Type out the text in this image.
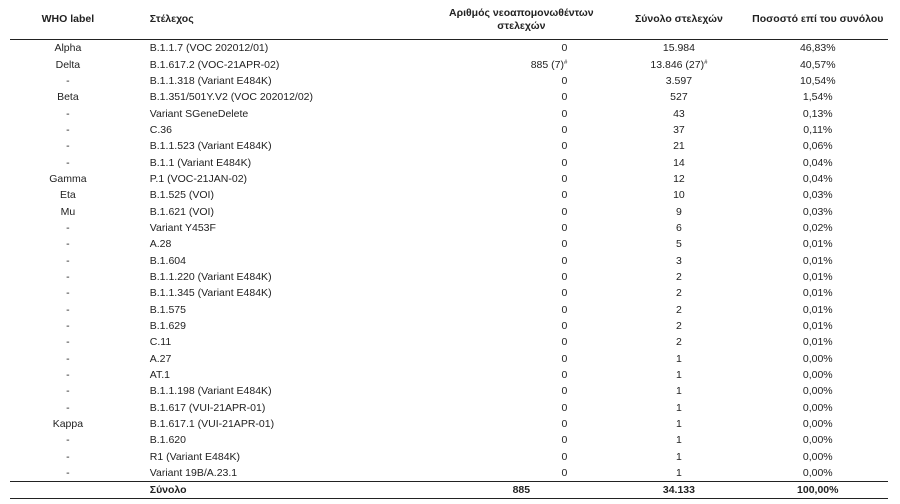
WHO label	Στέλεχος	Αριθμός νεοαπομονωθέντων στελεχών	Σύνολο στελεχών	Ποσοστό επί του συνόλου
Alpha	B.1.1.7 (VOC 202012/01)	0	15.984	46,83%
Delta	B.1.617.2 (VOC-21APR-02)	885 (7)#	13.846 (27)#	40,57%
-	B.1.1.318 (Variant E484K)	0	3.597	10,54%
Beta	B.1.351/501Y.V2 (VOC 202012/02)	0	527	1,54%
-	Variant SGeneDelete	0	43	0,13%
-	C.36	0	37	0,11%
-	B.1.1.523 (Variant E484K)	0	21	0,06%
-	B.1.1 (Variant E484K)	0	14	0,04%
Gamma	P.1 (VOC-21JAN-02)	0	12	0,04%
Eta	B.1.525 (VOI)	0	10	0,03%
Mu	B.1.621 (VOI)	0	9	0,03%
-	Variant Y453F	0	6	0,02%
-	A.28	0	5	0,01%
-	B.1.604	0	3	0,01%
-	B.1.1.220 (Variant E484K)	0	2	0,01%
-	B.1.1.345 (Variant E484K)	0	2	0,01%
-	B.1.575	0	2	0,01%
-	B.1.629	0	2	0,01%
-	C.11	0	2	0,01%
-	A.27	0	1	0,00%
-	AT.1	0	1	0,00%
-	B.1.1.198 (Variant E484K)	0	1	0,00%
-	B.1.617 (VUI-21APR-01)	0	1	0,00%
Kappa	B.1.617.1 (VUI-21APR-01)	0	1	0,00%
-	B.1.620	0	1	0,00%
-	R1 (Variant E484K)	0	1	0,00%
-	Variant 19B/A.23.1	0	1	0,00%
	Σύνολο	885	34.133	100,00%
